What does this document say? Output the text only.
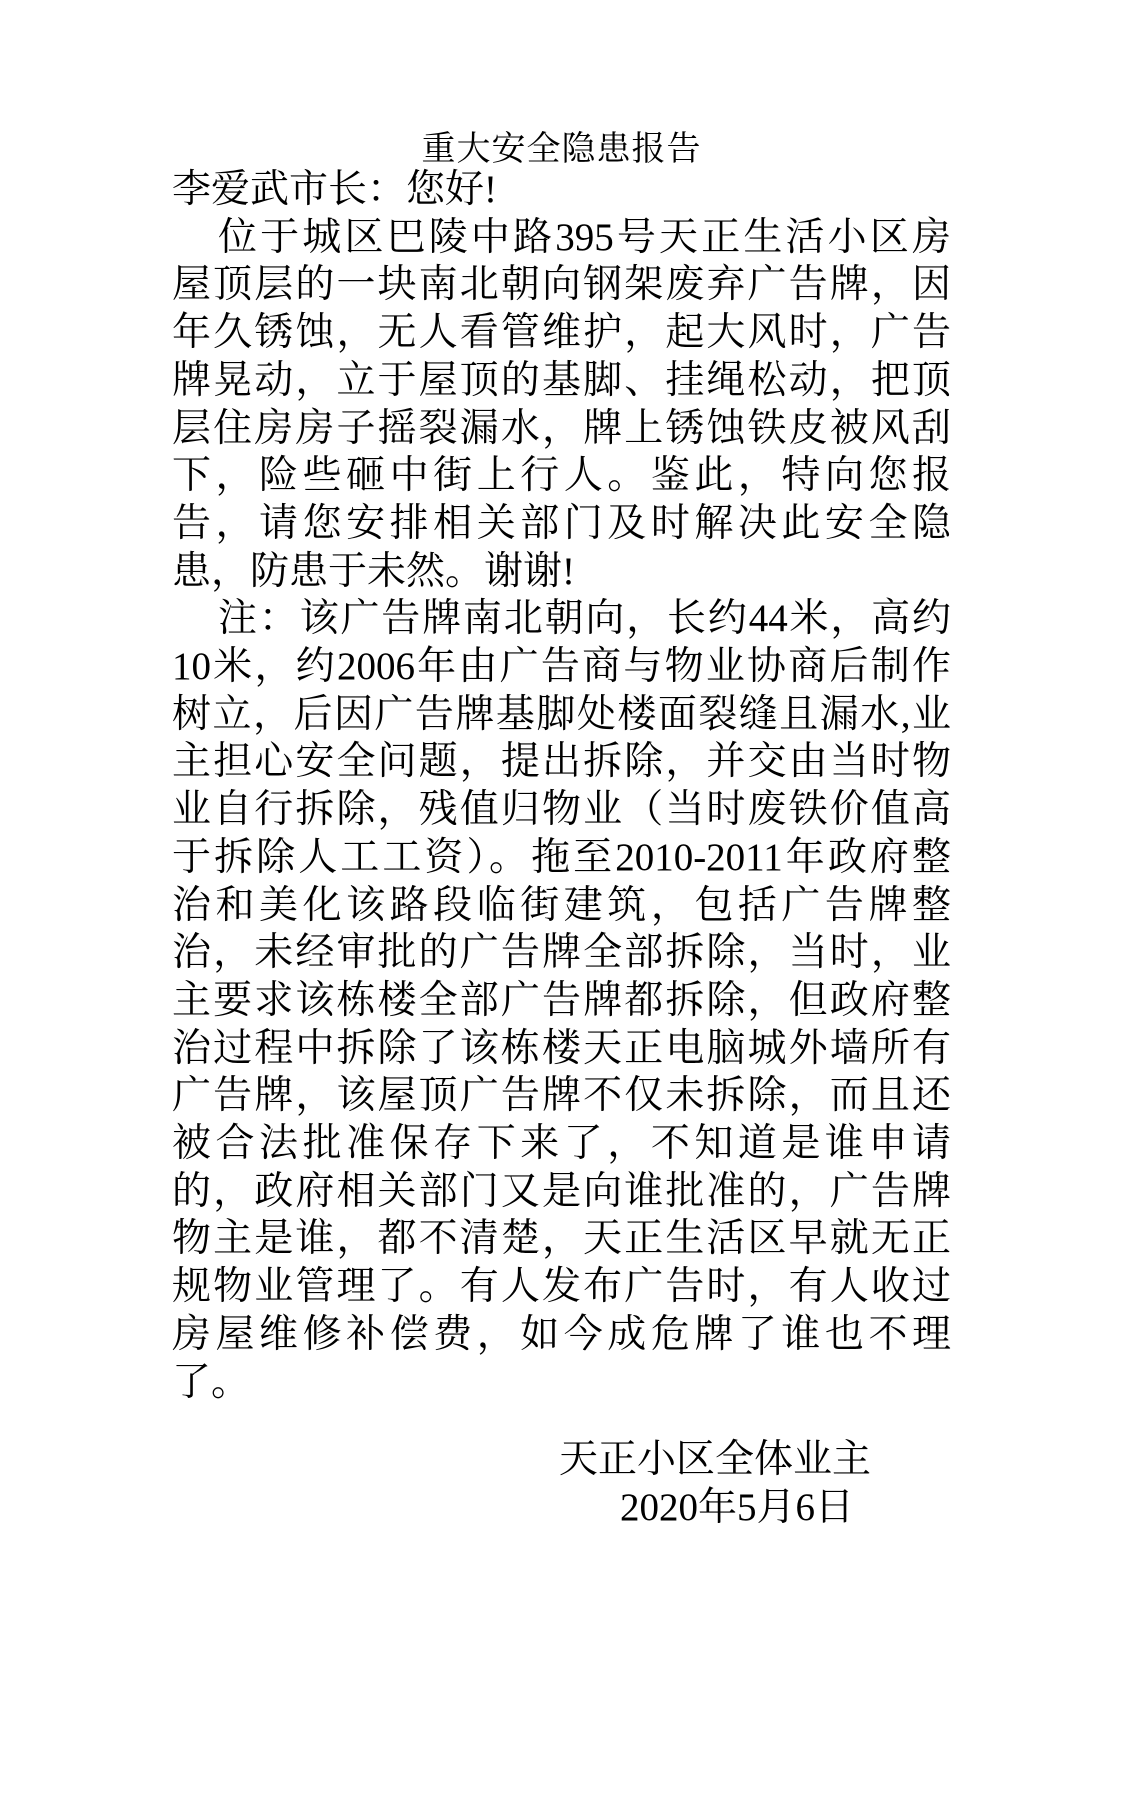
重大安全隐患报告
李爱武市长：您好!
位于城区巴陵中路395号天正生活小区房
屋顶层的一块南北朝向钢架废弃广告牌，因
年久锈蚀，无人看管维护，起大风时，广告
牌晃动，立于屋顶的基脚、挂绳松动，把顶
层住房房子摇裂漏水，牌上锈蚀铁皮被风刮
下，险些砸中街上行人。鉴此，特向您报
告，请您安排相关部门及时解决此安全隐
患，防患于未然。谢谢!
注：该广告牌南北朝向，长约44米，高约
10米，约2006年由广告商与物业协商后制作
树立，后因广告牌基脚处楼面裂缝且漏水,业
主担心安全问题，提出拆除，并交由当时物
业自行拆除，残值归物业（当时废铁价值高
于拆除人工工资）。拖至2010-2011年政府整
治和美化该路段临街建筑，包括广告牌整
治，未经审批的广告牌全部拆除，当时，业
主要求该栋楼全部广告牌都拆除，但政府整
治过程中拆除了该栋楼天正电脑城外墙所有
广告牌，该屋顶广告牌不仅未拆除，而且还
被合法批准保存下来了，不知道是谁申请
的，政府相关部门又是向谁批准的，广告牌
物主是谁，都不清楚，天正生活区早就无正
规物业管理了。有人发布广告时，有人收过
房屋维修补偿费，如今成危牌了谁也不理
了。
天正小区全体业主
2020年5月6日
